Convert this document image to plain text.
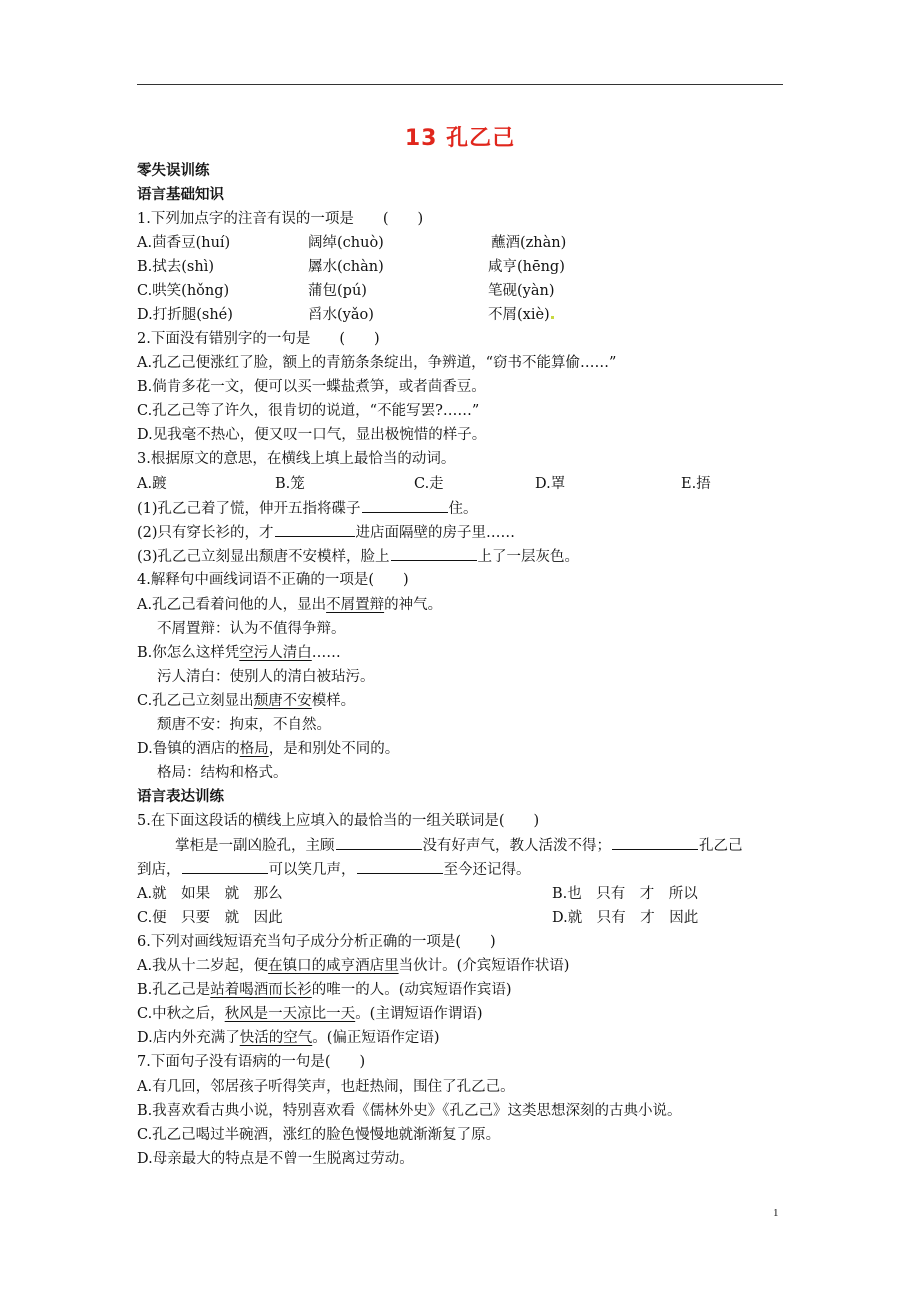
13 孔乙己
零失误训练
语言基础知识
1.下列加点字的注音有误的一项是　　(　　)
A.茴香豆(huí)	阔绰(chuò)	蘸酒(zhàn)
B.拭去(shì)	羼水(chàn)	咸亨(hēng)
C.哄笑(hǒng)	蒲包(pú)	笔砚(yàn)
D.打折腿(shé)	舀水(yǎo)	不屑(xiè)
2.下面没有错别字的一句是　　(　　)
A.孔乙己便涨红了脸，额上的青筋条条绽出，争辨道，“窃书不能算偷……”
B.倘肯多花一文，便可以买一蝶盐煮笋，或者茴香豆。
C.孔乙己等了许久，很肯切的说道，“不能写罢?……”
D.见我毫不热心，便又叹一口气，显出极惋惜的样子。
3.根据原文的意思，在横线上填上最恰当的动词。
A.踱	B.笼	C.走	D.罩	E.捂
(1)孔乙己着了慌，伸开五指将碟子	住。
(2)只有穿长衫的，才	进店面隔壁的房子里……
(3)孔乙己立刻显出颓唐不安模样，脸上	上了一层灰色。
4.解释句中画线词语不正确的一项是(　　)
A.孔乙己看着问他的人，显出不屑置辩的神气。
不屑置辩：认为不值得争辩。
B.你怎么这样凭空污人清白……
污人清白：使别人的清白被玷污。
C.孔乙己立刻显出颓唐不安模样。
颓唐不安：拘束，不自然。
D.鲁镇的酒店的格局，是和别处不同的。
格局：结构和格式。
语言表达训练
5.在下面这段话的横线上应填入的最恰当的一组关联词是(　　)
掌柜是一副凶脸孔，主顾	没有好声气，教人活泼不得；	孔乙己
到店，	可以笑几声，	至今还记得。
A.就　如果　就　那么	B.也　只有　才　所以
C.便　只要　就　因此	D.就　只有　才　因此
6.下列对画线短语充当句子成分分析正确的一项是(　　)
A.我从十二岁起，便在镇口的咸亨酒店里当伙计。(介宾短语作状语)
B.孔乙己是站着喝酒而长衫的唯一的人。(动宾短语作宾语)
C.中秋之后，秋风是一天凉比一天。(主谓短语作谓语)
D.店内外充满了快活的空气。(偏正短语作定语)
7.下面句子没有语病的一句是(　　)
A.有几回，邻居孩子听得笑声，也赶热闹，围住了孔乙己。
B.我喜欢看古典小说，特别喜欢看《儒林外史》《孔乙己》这类思想深刻的古典小说。
C.孔乙己喝过半碗酒，涨红的脸色慢慢地就渐渐复了原。
D.母亲最大的特点是不曾一生脱离过劳动。
1
